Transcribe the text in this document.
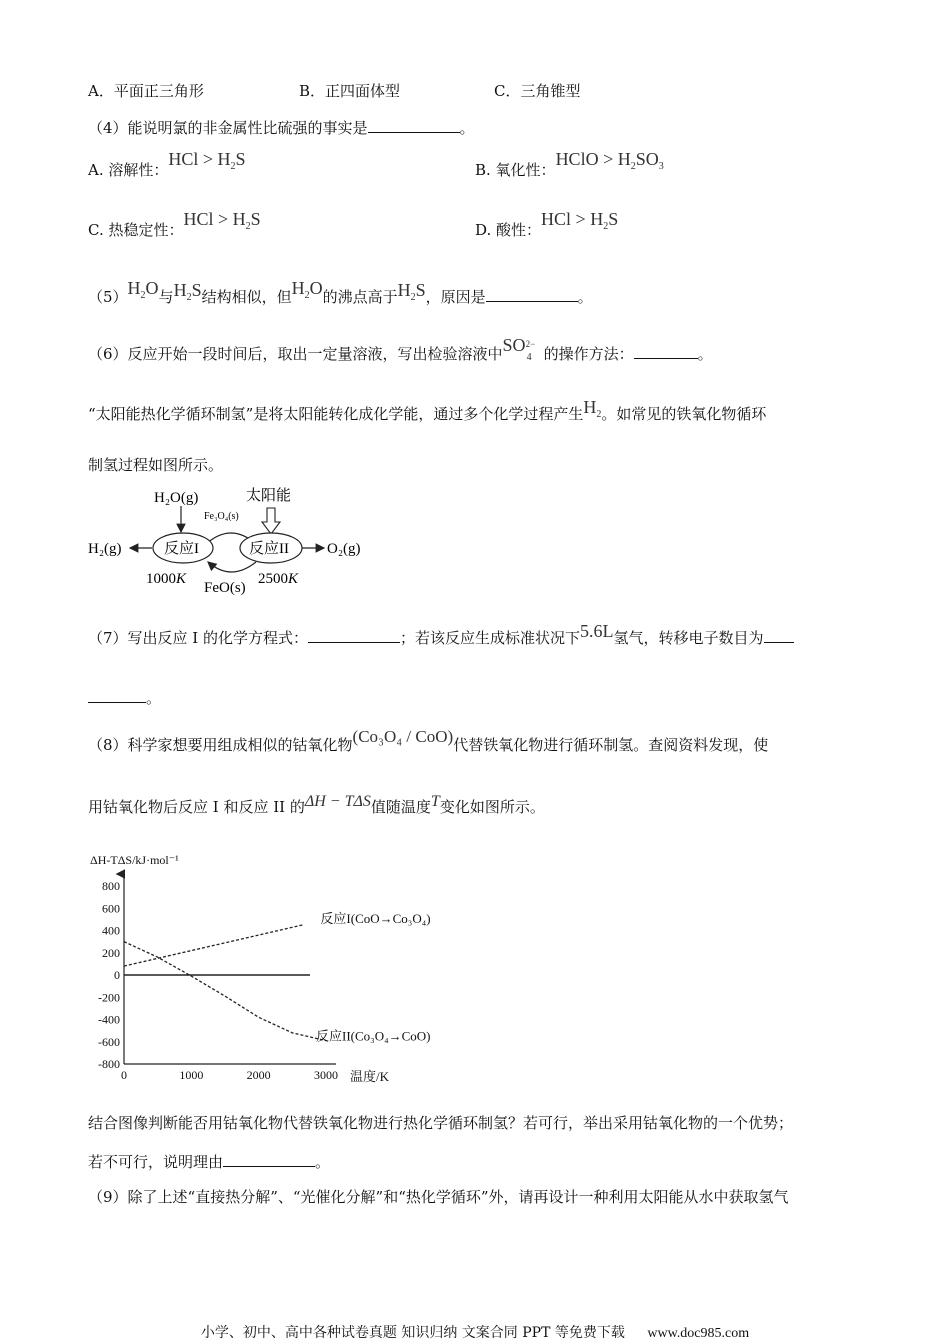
A．平面正三角形	B．正四面体型	C．三角锥型
（4）能说明氯的非金属性比硫强的事实是	。
A. 溶解性：HCl > $H_2S$
B. 氧化性：HClO > $H_2SO_3$
C. 热稳定性：HCl > $H_2S$
D. 酸性：HCl > $H_2S$
$(5)H_2O$与$H_2S$结构相似，但$H_2O$的沸点高于$H_2S$，原因是	。
（6）反应开始一段时间后，取出一定量溶液，写出检验溶液中SO 2−
4 的操作方法：	。
“太阳能热化学循环制氢”是将太阳能转化成化学能，通过多个化学过程产生$H_2$。如常见的铁氧化物循环
制氢过程如图所示。
H₂O(g)	太阳能
Fe₃O₄(s)
反应I	反应II
H₂(g)	O₂(g)
1000K	2500K
FeO(s)
（7）写出反应 I 的化学方程式：	；若该反应生成标准状况下5.6L氢气，转移电子数目为
。
（8）科学家想要用组成相似的钴氧化物(Co₃O₄ / CoO)代替铁氧化物进行循环制氢。查阅资料发现，使
用钴氧化物后反应 I 和反应 II 的ΔH − TΔS值随温度T变化如图所示。
800
600
400
200
0
-200
-400
-600
-800
0	1000	2000	3000
ΔH-TΔS/kJ·mol⁻¹
温度/K
反应I(CoO→Co₃O₄)
反应II(Co₃O₄→CoO)
结合图像判断能否用钴氧化物代替铁氧化物进行热化学循环制氢？若可行，举出采用钴氧化物的一个优势；
若不可行，说明理由	。
（9）除了上述“直接热分解”、“光催化分解”和“热化学循环”外，请再设计一种利用太阳能从水中获取氢气
小学、初中、高中各种试卷真题 知识归纳 文案合同 PPT 等免费下载 www.doc985.com
